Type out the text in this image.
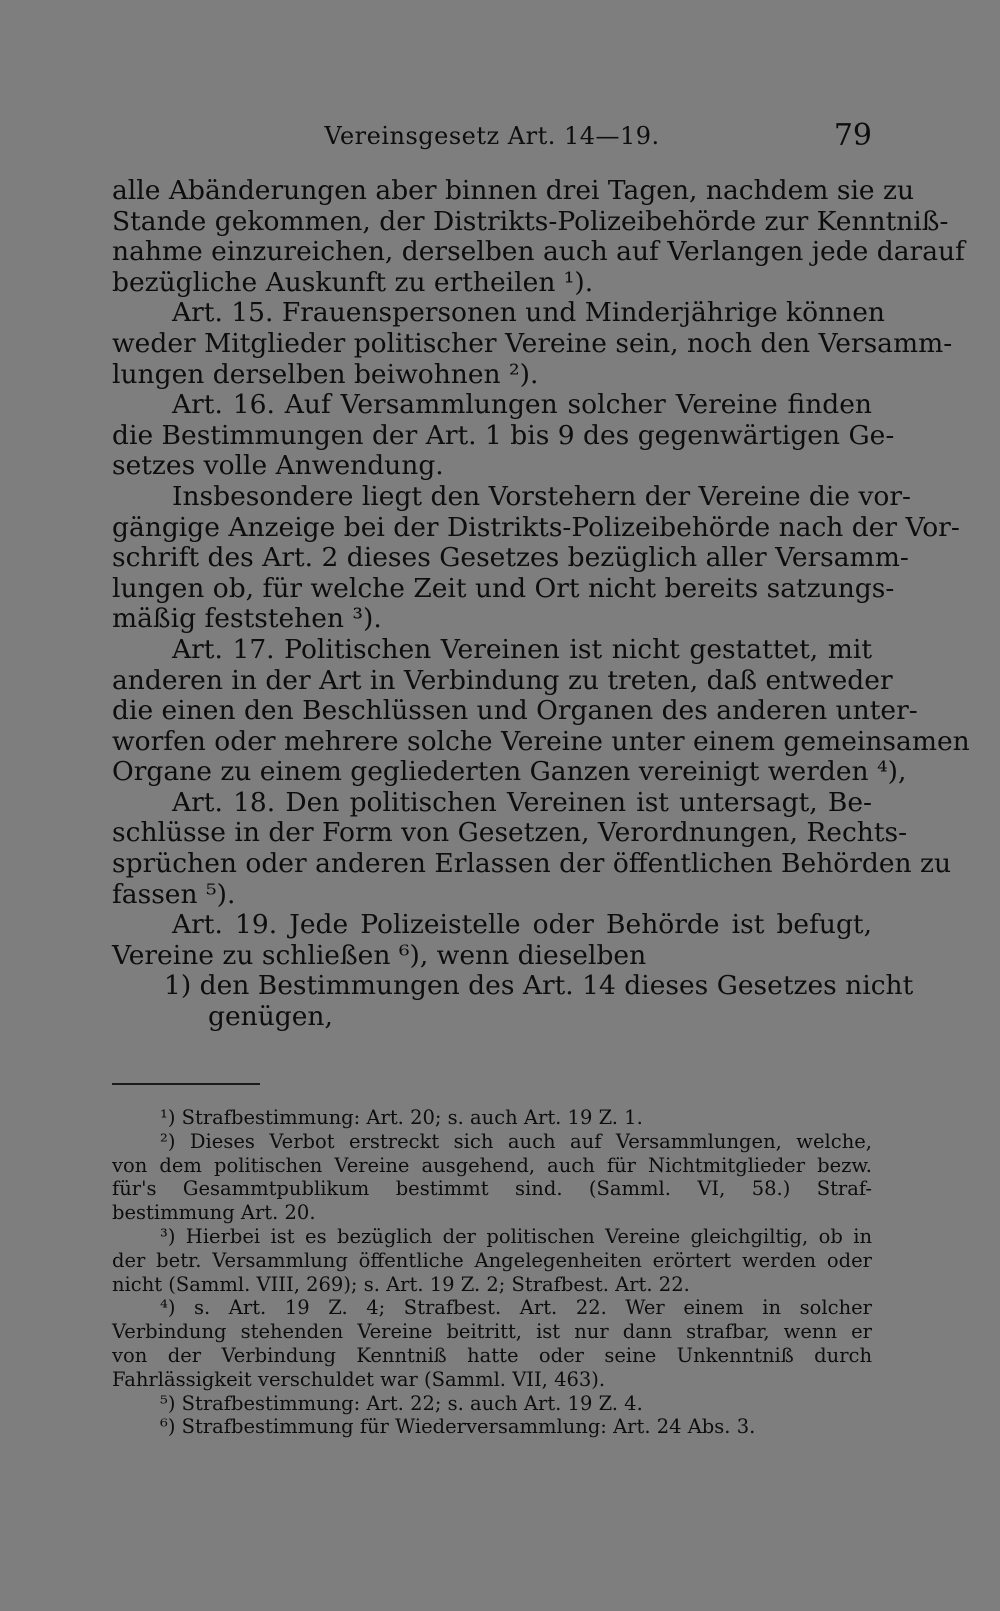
Vereinsgesetz Art. 14—19.	79
alle Abänderungen aber binnen drei Tagen, nachdem sie zu
Stande gekommen, der Distrikts-Polizeibehörde zur Kenntniß-
nahme einzureichen, derselben auch auf Verlangen jede darauf
bezügliche Auskunft zu ertheilen ¹).
Art. 15. Frauenspersonen und Minderjährige können
weder Mitglieder politischer Vereine sein, noch den Versamm-
lungen derselben beiwohnen ²).
Art. 16. Auf Versammlungen solcher Vereine finden
die Bestimmungen der Art. 1 bis 9 des gegenwärtigen Ge-
setzes volle Anwendung.
Insbesondere liegt den Vorstehern der Vereine die vor-
gängige Anzeige bei der Distrikts-Polizeibehörde nach der Vor-
schrift des Art. 2 dieses Gesetzes bezüglich aller Versamm-
lungen ob, für welche Zeit und Ort nicht bereits satzungs-
mäßig feststehen ³).
Art. 17. Politischen Vereinen ist nicht gestattet, mit
anderen in der Art in Verbindung zu treten, daß entweder
die einen den Beschlüssen und Organen des anderen unter-
worfen oder mehrere solche Vereine unter einem gemeinsamen
Organe zu einem gegliederten Ganzen vereinigt werden ⁴),
Art. 18. Den politischen Vereinen ist untersagt, Be-
schlüsse in der Form von Gesetzen, Verordnungen, Rechts-
sprüchen oder anderen Erlassen der öffentlichen Behörden zu
fassen ⁵).
Art. 19. Jede Polizeistelle oder Behörde ist befugt,
Vereine zu schließen ⁶), wenn dieselben
1) den Bestimmungen des Art. 14 dieses Gesetzes nicht
genügen,
¹) Strafbestimmung: Art. 20; s. auch Art. 19 Z. 1.
²) Dieses Verbot erstreckt sich auch auf Versammlungen, welche,
von dem politischen Vereine ausgehend, auch für Nichtmitglieder bezw.
für's Gesammtpublikum bestimmt sind. (Samml. VI, 58.) Straf-
bestimmung Art. 20.
³) Hierbei ist es bezüglich der politischen Vereine gleichgiltig, ob in
der betr. Versammlung öffentliche Angelegenheiten erörtert werden oder
nicht (Samml. VIII, 269); s. Art. 19 Z. 2; Strafbest. Art. 22.
⁴) s. Art. 19 Z. 4; Strafbest. Art. 22. Wer einem in solcher
Verbindung stehenden Vereine beitritt, ist nur dann strafbar, wenn er
von der Verbindung Kenntniß hatte oder seine Unkenntniß durch
Fahrlässigkeit verschuldet war (Samml. VII, 463).
⁵) Strafbestimmung: Art. 22; s. auch Art. 19 Z. 4.
⁶) Strafbestimmung für Wiederversammlung: Art. 24 Abs. 3.
